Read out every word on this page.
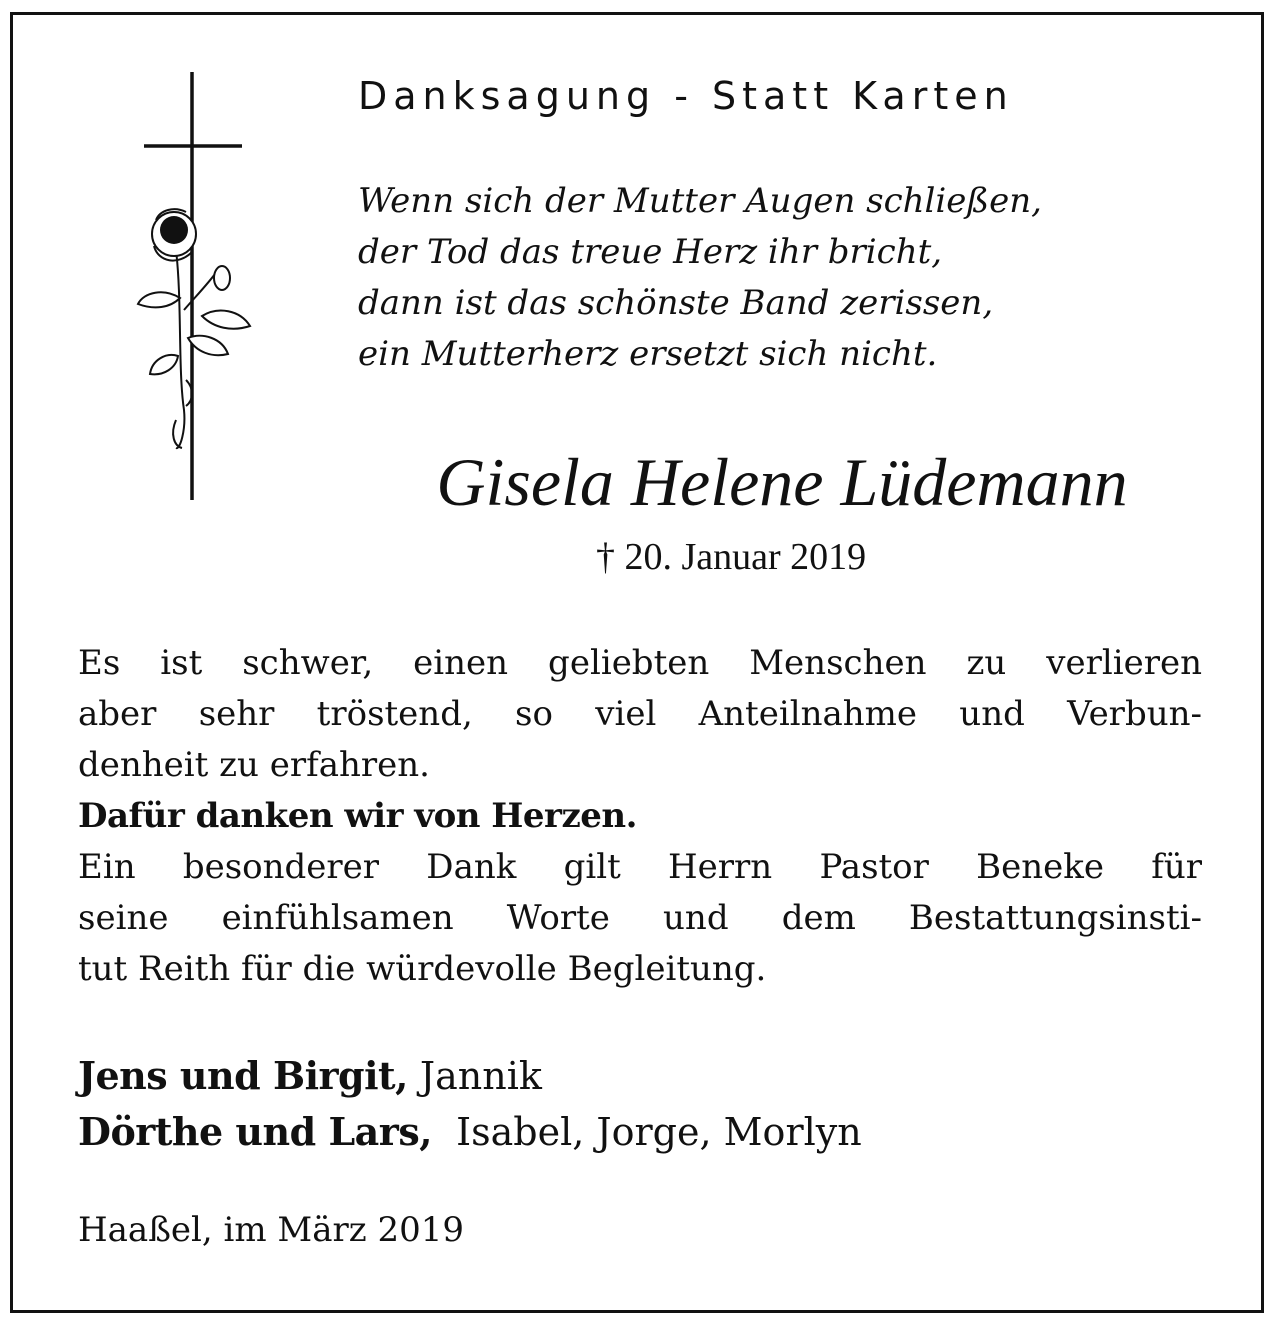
Danksagung - Statt Karten
Wenn sich der Mutter Augen schließen,
der Tod das treue Herz ihr bricht,
dann ist das schönste Band zerissen,
ein Mutterherz ersetzt sich nicht.
Gisela Helene Lüdemann
† 20. Januar 2019
Es ist schwer, einen geliebten Menschen zu verlieren
aber sehr tröstend, so viel Anteilnahme und Verbun-
denheit zu erfahren.
Dafür danken wir von Herzen.
Ein besonderer Dank gilt Herrn Pastor Beneke für
seine einfühlsamen Worte und dem Bestattungsinsti-
tut Reith für die würdevolle Begleitung.
Jens und Birgit, Jannik
Dörthe und Lars,  Isabel, Jorge, Morlyn
Haaßel, im März 2019
